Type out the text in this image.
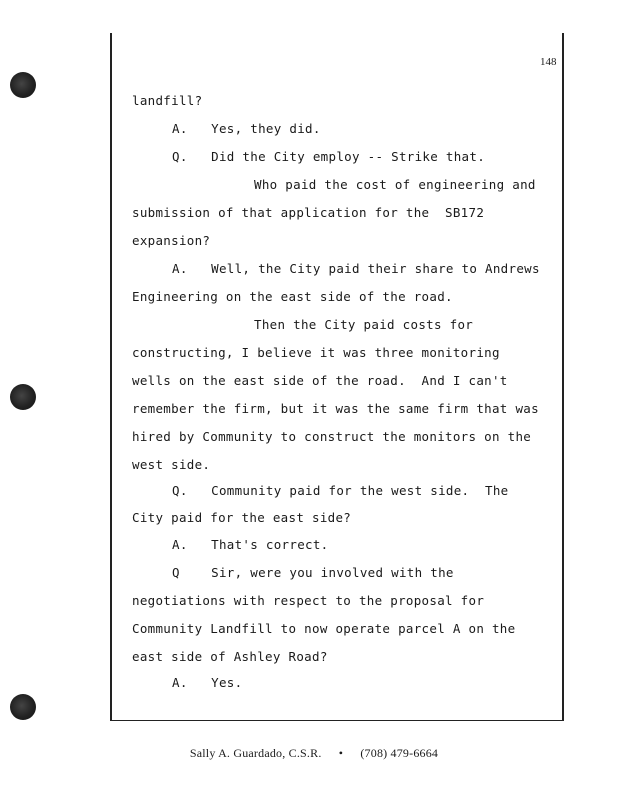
148
landfill?
A.   Yes, they did.
Q.   Did the City employ -- Strike that.
Who paid the cost of engineering and
submission of that application for the  SB172
expansion?
A.   Well, the City paid their share to Andrews
Engineering on the east side of the road.
Then the City paid costs for
constructing, I believe it was three monitoring
wells on the east side of the road.  And I can't
remember the firm, but it was the same firm that was
hired by Community to construct the monitors on the
west side.
Q.   Community paid for the west side.  The
City paid for the east side?
A.   That's correct.
Q    Sir, were you involved with the
negotiations with respect to the proposal for
Community Landfill to now operate parcel A on the
east side of Ashley Road?
A.   Yes.
Sally A. Guardado, C.S.R. • (708) 479-6664
